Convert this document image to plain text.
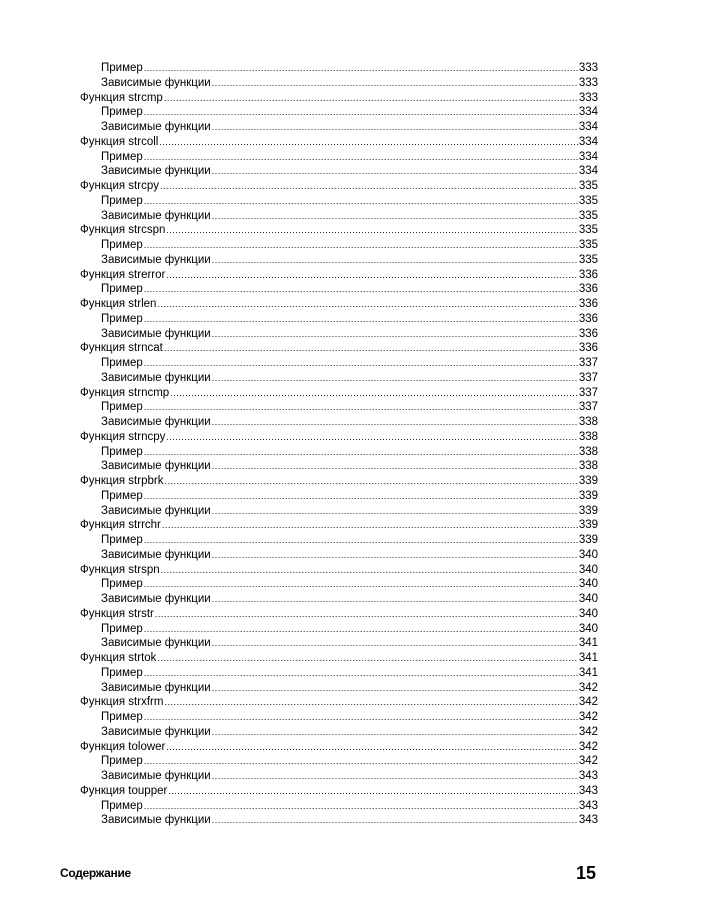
Пример .....	333
Зависимые функции .....	333
Функция strcmp .....	333
Пример .....	334
Зависимые функции .....	334
Функция strcoll .....	334
Пример .....	334
Зависимые функции .....	334
Функция strcpy .....	335
Пример .....	335
Зависимые функции .....	335
Функция strcspn .....	335
Пример .....	335
Зависимые функции .....	335
Функция strerror .....	336
Пример .....	336
Функция strlen .....	336
Пример .....	336
Зависимые функции .....	336
Функция strncat .....	336
Пример .....	337
Зависимые функции .....	337
Функция strncmp .....	337
Пример .....	337
Зависимые функции .....	338
Функция strncpy .....	338
Пример .....	338
Зависимые функции .....	338
Функция strpbrk .....	339
Пример .....	339
Зависимые функции .....	339
Функция strrchr .....	339
Пример .....	339
Зависимые функции .....	340
Функция strspn .....	340
Пример .....	340
Зависимые функции .....	340
Функция strstr .....	340
Пример .....	340
Зависимые функции .....	341
Функция strtok .....	341
Пример .....	341
Зависимые функции .....	342
Функция strxfrm .....	342
Пример .....	342
Зависимые функции .....	342
Функция tolower .....	342
Пример .....	342
Зависимые функции .....	343
Функция toupper .....	343
Пример .....	343
Зависимые функции .....	343
Содержание	15
